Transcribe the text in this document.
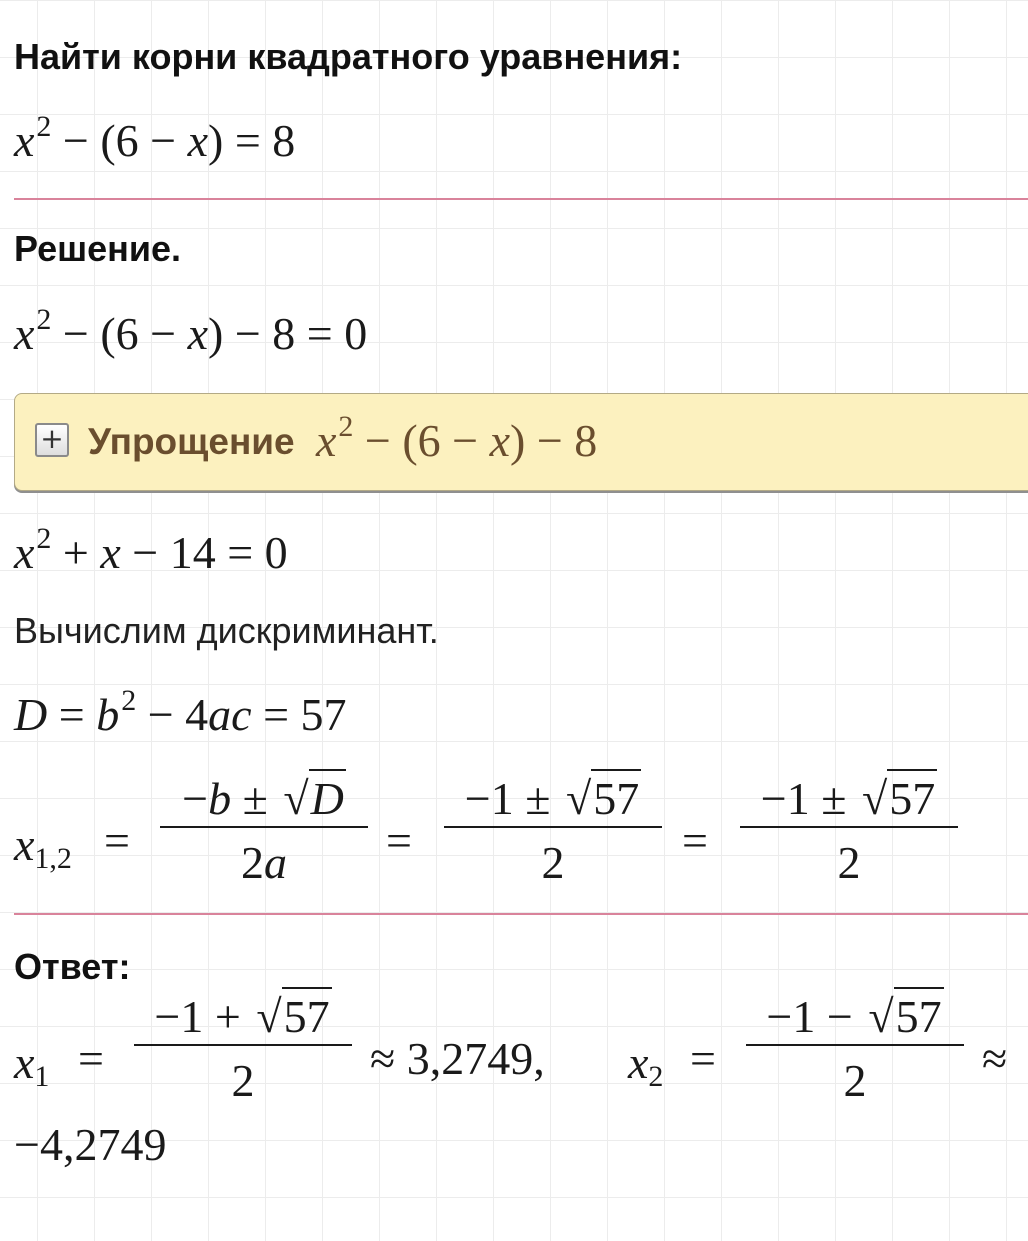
Найти корни квадратного уравнения:
$x^2 - (6 - x) = 8$
Решение.
$x^2 - (6 - x) - 8 = 0$
+ Упрощение $x^2 - (6 - x) - 8$
$x^2 + x - 14 = 0$
Вычислим дискриминант.
$D = b^2 - 4ac = 57$
$x_{1,2}$ =
−b ± √D
2a	=
−1 ± √57
2	=
−1 ± √57
2
Ответ:
$x_1$ =
−1 + √57
2	≈ 3,2749, $x_2$ =
−1 − √57
2	≈
−4,2749
